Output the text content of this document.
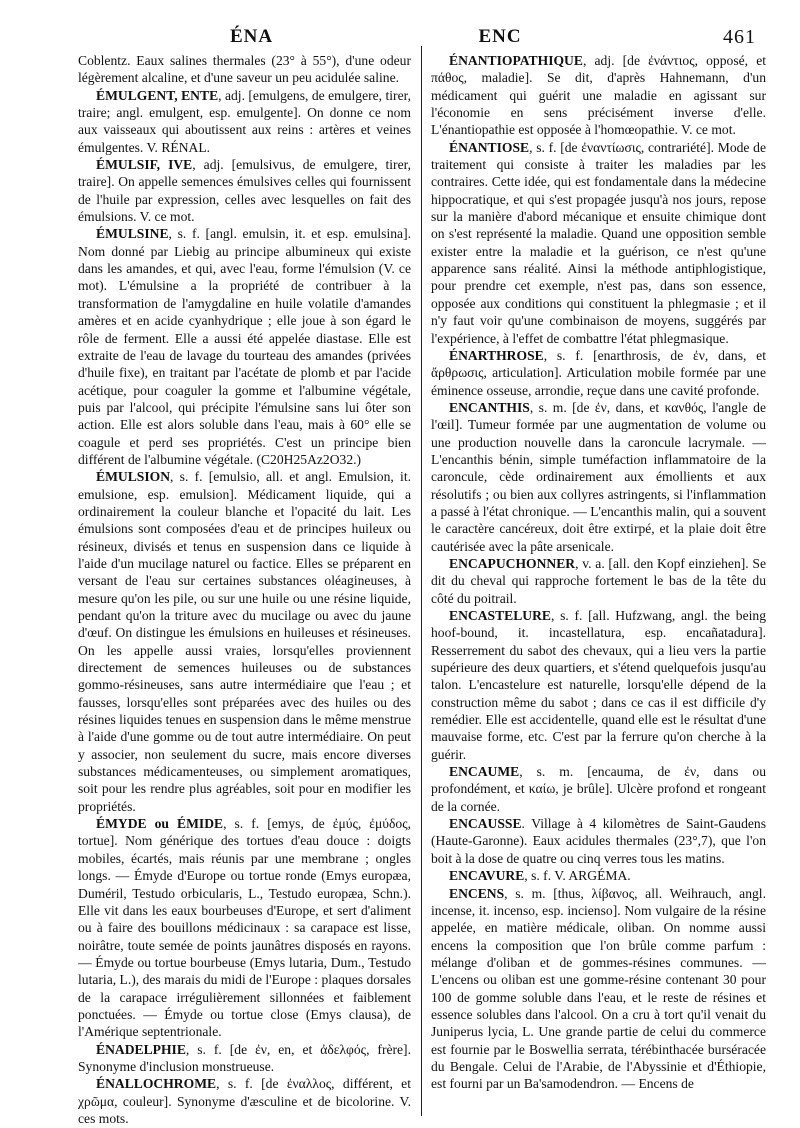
ÉNA	ENC	461

Coblentz. Eaux salines thermales (23° à 55°), d'une odeur légèrement alcaline, et d'une saveur un peu acidulée saline.

ÉMULGENT, ENTE, adj. [emulgens, de emulgere, tirer, traire; angl. emulgent, esp. emulgente]. On donne ce nom aux vaisseaux qui aboutissent aux reins : artères et veines émulgentes. V. RÉNAL.

ÉMULSIF, IVE, adj. [emulsivus, de emulgere, tirer, traire]. On appelle semences émulsives celles qui fournissent de l'huile par expression, celles avec lesquelles on fait des émulsions. V. ce mot.

ÉMULSINE, s. f. [angl. emulsin, it. et esp. emulsina]. Nom donné par Liebig au principe albumineux qui existe dans les amandes, et qui, avec l'eau, forme l'émulsion (V. ce mot). L'émulsine a la propriété de contribuer à la transformation de l'amygdaline en huile volatile d'amandes amères et en acide cyanhydrique ; elle joue à son égard le rôle de ferment. Elle a aussi été appelée diastase. Elle est extraite de l'eau de lavage du tourteau des amandes (privées d'huile fixe), en traitant par l'acétate de plomb et par l'acide acétique, pour coaguler la gomme et l'albumine végétale, puis par l'alcool, qui précipite l'émulsine sans lui ôter son action. Elle est alors soluble dans l'eau, mais à 60° elle se coagule et perd ses propriétés. C'est un principe bien différent de l'albumine végétale. (C20H25Az2O32.)

ÉMULSION, s. f. [emulsio, all. et angl. Emulsion, it. emulsione, esp. emulsion]. Médicament liquide, qui a ordinairement la couleur blanche et l'opacité du lait. Les émulsions sont composées d'eau et de principes huileux ou résineux, divisés et tenus en suspension dans ce liquide à l'aide d'un mucilage naturel ou factice. Elles se préparent en versant de l'eau sur certaines substances oléagineuses, à mesure qu'on les pile, ou sur une huile ou une résine liquide, pendant qu'on la triture avec du mucilage ou avec du jaune d'œuf. On distingue les émulsions en huileuses et résineuses. On les appelle aussi vraies, lorsqu'elles proviennent directement de semences huileuses ou de substances gommo-résineuses, sans autre intermédiaire que l'eau ; et fausses, lorsqu'elles sont préparées avec des huiles ou des résines liquides tenues en suspension dans le même menstrue à l'aide d'une gomme ou de tout autre intermédiaire. On peut y associer, non seulement du sucre, mais encore diverses substances médicamenteuses, ou simplement aromatiques, soit pour les rendre plus agréables, soit pour en modifier les propriétés.

ÉMYDE ou ÉMIDE, s. f. [emys, de ἐμύς, ἐμύδος, tortue]. Nom générique des tortues d'eau douce : doigts mobiles, écartés, mais réunis par une membrane ; ongles longs. — Émyde d'Europe ou tortue ronde (Emys europæa, Duméril, Testudo orbicularis, L., Testudo europæa, Schn.). Elle vit dans les eaux bourbeuses d'Europe, et sert d'aliment ou à faire des bouillons médicinaux : sa carapace est lisse, noirâtre, toute semée de points jaunâtres disposés en rayons. — Émyde ou tortue bourbeuse (Emys lutaria, Dum., Testudo lutaria, L.), des marais du midi de l'Europe : plaques dorsales de la carapace irrégulièrement sillonnées et faiblement ponctuées. — Émyde ou tortue close (Emys clausa), de l'Amérique septentrionale.

ÉNADELPHIE, s. f. [de ἐν, en, et ἀδελφός, frère]. Synonyme d'inclusion monstrueuse.

ÉNALLOCHROME, s. f. [de ἐναλλος, différent, et χρῶμα, couleur]. Synonyme d'æsculine et de bicolorine. V. ces mots.

ÉNANTIOPATHIQUE, adj. [de ἐνάντιος, opposé, et πάθος, maladie]. Se dit, d'après Hahnemann, d'un médicament qui guérit une maladie en agissant sur l'économie en sens précisément inverse d'elle. L'énantiopathie est opposée à l'homœopathie. V. ce mot.

ÉNANTIOSE, s. f. [de ἐναντίωσις, contrariété]. Mode de traitement qui consiste à traiter les maladies par les contraires. Cette idée, qui est fondamentale dans la médecine hippocratique, et qui s'est propagée jusqu'à nos jours, repose sur la manière d'abord mécanique et ensuite chimique dont on s'est représenté la maladie. Quand une opposition semble exister entre la maladie et la guérison, ce n'est qu'une apparence sans réalité. Ainsi la méthode antiphlogistique, pour prendre cet exemple, n'est pas, dans son essence, opposée aux conditions qui constituent la phlegmasie ; et il n'y faut voir qu'une combinaison de moyens, suggérés par l'expérience, à l'effet de combattre l'état phlegmasique.

ÉNARTHROSE, s. f. [enarthrosis, de ἐν, dans, et ἄρθρωσις, articulation]. Articulation mobile formée par une éminence osseuse, arrondie, reçue dans une cavité profonde.

ENCANTHIS, s. m. [de ἐν, dans, et κανθός, l'angle de l'œil]. Tumeur formée par une augmentation de volume ou une production nouvelle dans la caroncule lacrymale. — L'encanthis bénin, simple tuméfaction inflammatoire de la caroncule, cède ordinairement aux émollients et aux résolutifs ; ou bien aux collyres astringents, si l'inflammation a passé à l'état chronique. — L'encanthis malin, qui a souvent le caractère cancéreux, doit être extirpé, et la plaie doit être cautérisée avec la pâte arsenicale.

ENCAPUCHONNER, v. a. [all. den Kopf einziehen]. Se dit du cheval qui rapproche fortement le bas de la tête du côté du poitrail.

ENCASTELURE, s. f. [all. Hufzwang, angl. the being hoof-bound, it. incastellatura, esp. encañatadura]. Resserrement du sabot des chevaux, qui a lieu vers la partie supérieure des deux quartiers, et s'étend quelquefois jusqu'au talon. L'encastelure est naturelle, lorsqu'elle dépend de la construction même du sabot ; dans ce cas il est difficile d'y remédier. Elle est accidentelle, quand elle est le résultat d'une mauvaise forme, etc. C'est par la ferrure qu'on cherche à la guérir.

ENCAUME, s. m. [encauma, de ἐν, dans ou profondément, et καίω, je brûle]. Ulcère profond et rongeant de la cornée.

ENCAUSSE. Village à 4 kilomètres de Saint-Gaudens (Haute-Garonne). Eaux acidules thermales (23°,7), que l'on boit à la dose de quatre ou cinq verres tous les matins.

ENCAVURE, s. f. V. ARGÉMA.

ENCENS, s. m. [thus, λίβανος, all. Weihrauch, angl. incense, it. incenso, esp. incienso]. Nom vulgaire de la résine appelée, en matière médicale, oliban. On nomme aussi encens la composition que l'on brûle comme parfum : mélange d'oliban et de gommes-résines communes. — L'encens ou oliban est une gomme-résine contenant 30 pour 100 de gomme soluble dans l'eau, et le reste de résines et essence solubles dans l'alcool. On a cru à tort qu'il venait du Juniperus lycia, L. Une grande partie de celui du commerce est fournie par le Boswellia serrata, térébinthacée burséracée du Bengale. Celui de l'Arabie, de l'Abyssinie et d'Éthiopie, est fourni par un Ba'samodendron. — Encens de
